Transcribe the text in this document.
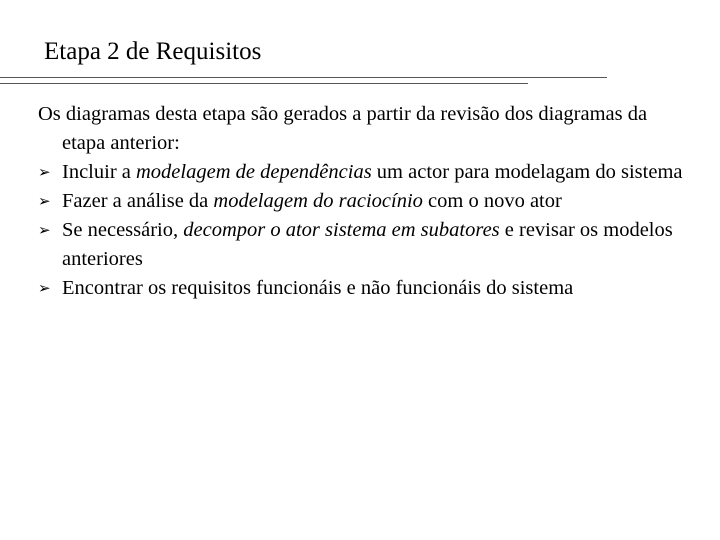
Etapa 2 de Requisitos
Os diagramas desta etapa são gerados a partir da revisão dos diagramas da etapa anterior:
➢ Incluir a modelagem de dependências um actor para modelagam do sistema
➢ Fazer a análise da modelagem do raciocínio com o novo ator
➢ Se necessário, decompor o ator sistema em subatores e revisar os modelos anteriores
➢ Encontrar os requisitos funcionáis e não funcionáis do sistema
